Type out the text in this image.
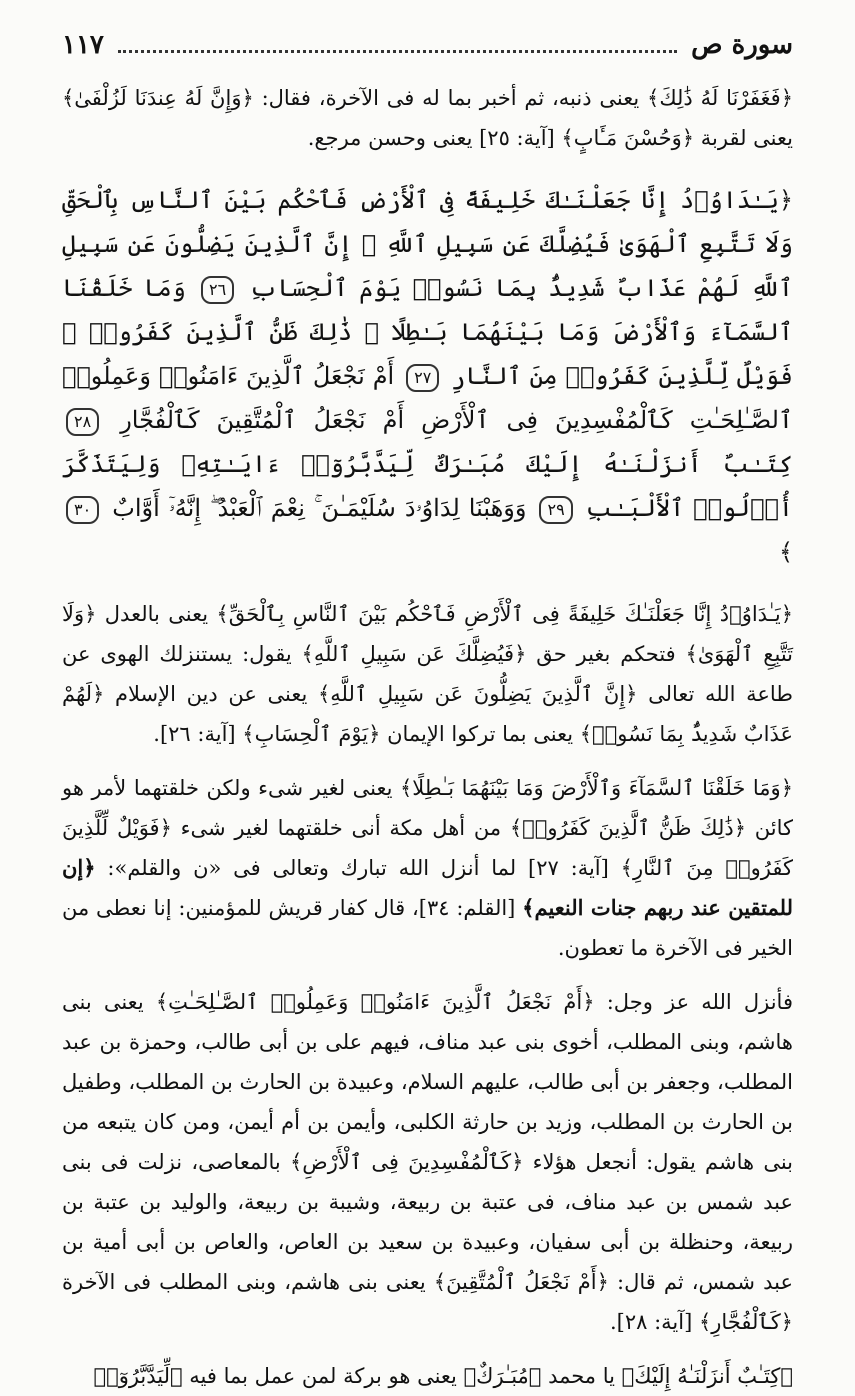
سورة ص
١١٧

﴿فَغَفَرْنَا لَهُ ذَٰلِكَ﴾ يعنى ذنبه، ثم أخبر بما له فى الآخرة، فقال: ﴿وَإِنَّ لَهُ عِندَنَا لَزُلْفَىٰ﴾ يعنى لقربة ﴿وَحُسْنَ مَـَٔابٍ﴾ [آية: ٢٥] يعنى وحسن مرجع.

﴿يَـٰدَاوُۥدُ إِنَّا جَعَلْنَـٰكَ خَلِيفَةً فِى ٱلْأَرْضِ فَٱحْكُم بَيْنَ ٱلنَّاسِ بِٱلْحَقِّ وَلَا تَتَّبِعِ ٱلْهَوَىٰ فَيُضِلَّكَ عَن سَبِيلِ ٱللَّهِ ۚ إِنَّ ٱلَّذِينَ يَضِلُّونَ عَن سَبِيلِ ٱللَّهِ لَهُمْ عَذَابٌ شَدِيدٌۢ بِمَا نَسُوا۟ يَوْمَ ٱلْحِسَابِ ٢٦ وَمَا خَلَقْنَا ٱلسَّمَآءَ وَٱلْأَرْضَ وَمَا بَيْنَهُمَا بَـٰطِلًا ۚ ذَٰلِكَ ظَنُّ ٱلَّذِينَ كَفَرُوا۟ ۚ فَوَيْلٌ لِّلَّذِينَ كَفَرُوا۟ مِنَ ٱلنَّارِ ٢٧ أَمْ نَجْعَلُ ٱلَّذِينَ ءَامَنُوا۟ وَعَمِلُوا۟ ٱلصَّـٰلِحَـٰتِ كَٱلْمُفْسِدِينَ فِى ٱلْأَرْضِ أَمْ نَجْعَلُ ٱلْمُتَّقِينَ كَٱلْفُجَّارِ ٢٨ كِتَـٰبٌ أَنزَلْنَـٰهُ إِلَيْكَ مُبَـٰرَكٌ لِّيَدَّبَّرُوٓا۟ ءَايَـٰتِهِۦ وَلِيَتَذَكَّرَ أُو۟لُوا۟ ٱلْأَلْبَـٰبِ ٢٩ وَوَهَبْنَا لِدَاوُۥدَ سُلَيْمَـٰنَ ۚ نِعْمَ ٱلْعَبْدُ ۖ إِنَّهُۥٓ أَوَّابٌ ٣٠ ﴾

﴿يَـٰدَاوُۥدُ إِنَّا جَعَلْنَـٰكَ خَلِيفَةً فِى ٱلْأَرْضِ فَٱحْكُم بَيْنَ ٱلنَّاسِ بِٱلْحَقِّ﴾ يعنى بالعدل ﴿وَلَا تَتَّبِعِ ٱلْهَوَىٰ﴾ فتحكم بغير حق ﴿فَيُضِلَّكَ عَن سَبِيلِ ٱللَّهِ﴾ يقول: يستنزلك الهوى عن طاعة الله تعالى ﴿إِنَّ ٱلَّذِينَ يَضِلُّونَ عَن سَبِيلِ ٱللَّهِ﴾ يعنى عن دين الإسلام ﴿لَهُمْ عَذَابٌ شَدِيدٌۢ بِمَا نَسُوا۟﴾ يعنى بما تركوا الإيمان ﴿يَوْمَ ٱلْحِسَابِ﴾ [آية: ٢٦].

﴿وَمَا خَلَقْنَا ٱلسَّمَآءَ وَٱلْأَرْضَ وَمَا بَيْنَهُمَا بَـٰطِلًا﴾ يعنى لغير شىء ولكن خلقتهما لأمر هو كائن ﴿ذَٰلِكَ ظَنُّ ٱلَّذِينَ كَفَرُوا۟﴾ من أهل مكة أنى خلقتهما لغير شىء ﴿فَوَيْلٌ لِّلَّذِينَ كَفَرُوا۟ مِنَ ٱلنَّارِ﴾ [آية: ٢٧] لما أنزل الله تبارك وتعالى فى «ن والقلم»: ﴿إن للمتقين عند ربهم جنات النعيم﴾ [القلم: ٣٤]، قال كفار قريش للمؤمنين: إنا نعطى من الخير فى الآخرة ما تعطون.

فأنزل الله عز وجل: ﴿أَمْ نَجْعَلُ ٱلَّذِينَ ءَامَنُوا۟ وَعَمِلُوا۟ ٱلصَّـٰلِحَـٰتِ﴾ يعنى بنى هاشم، وبنى المطلب، أخوى بنى عبد مناف، فيهم على بن أبى طالب، وحمزة بن عبد المطلب، وجعفر بن أبى طالب، عليهم السلام، وعبيدة بن الحارث بن المطلب، وطفيل بن الحارث بن المطلب، وزيد بن حارثة الكلبى، وأيمن بن أم أيمن، ومن كان يتبعه من بنى هاشم يقول: أنجعل هؤلاء ﴿كَٱلْمُفْسِدِينَ فِى ٱلْأَرْضِ﴾ بالمعاصى، نزلت فى بنى عبد شمس بن عبد مناف، فى عتبة بن ربيعة، وشيبة بن ربيعة، والوليد بن عتبة بن ربيعة، وحنظلة بن أبى سفيان، وعبيدة بن سعيد بن العاص، والعاص بن أبى أمية بن عبد شمس، ثم قال: ﴿أَمْ نَجْعَلُ ٱلْمُتَّقِينَ﴾ يعنى بنى هاشم، وبنى المطلب فى الآخرة ﴿كَٱلْفُجَّارِ﴾ [آية: ٢٨].

﴿كِتَـٰبٌ أَنزَلْنَـٰهُ إِلَيْكَ﴾ يا محمد ﴿مُبَـٰرَكٌ﴾ يعنى هو بركة لمن عمل بما فيه ﴿لِّيَدَّبَّرُوٓا۟
